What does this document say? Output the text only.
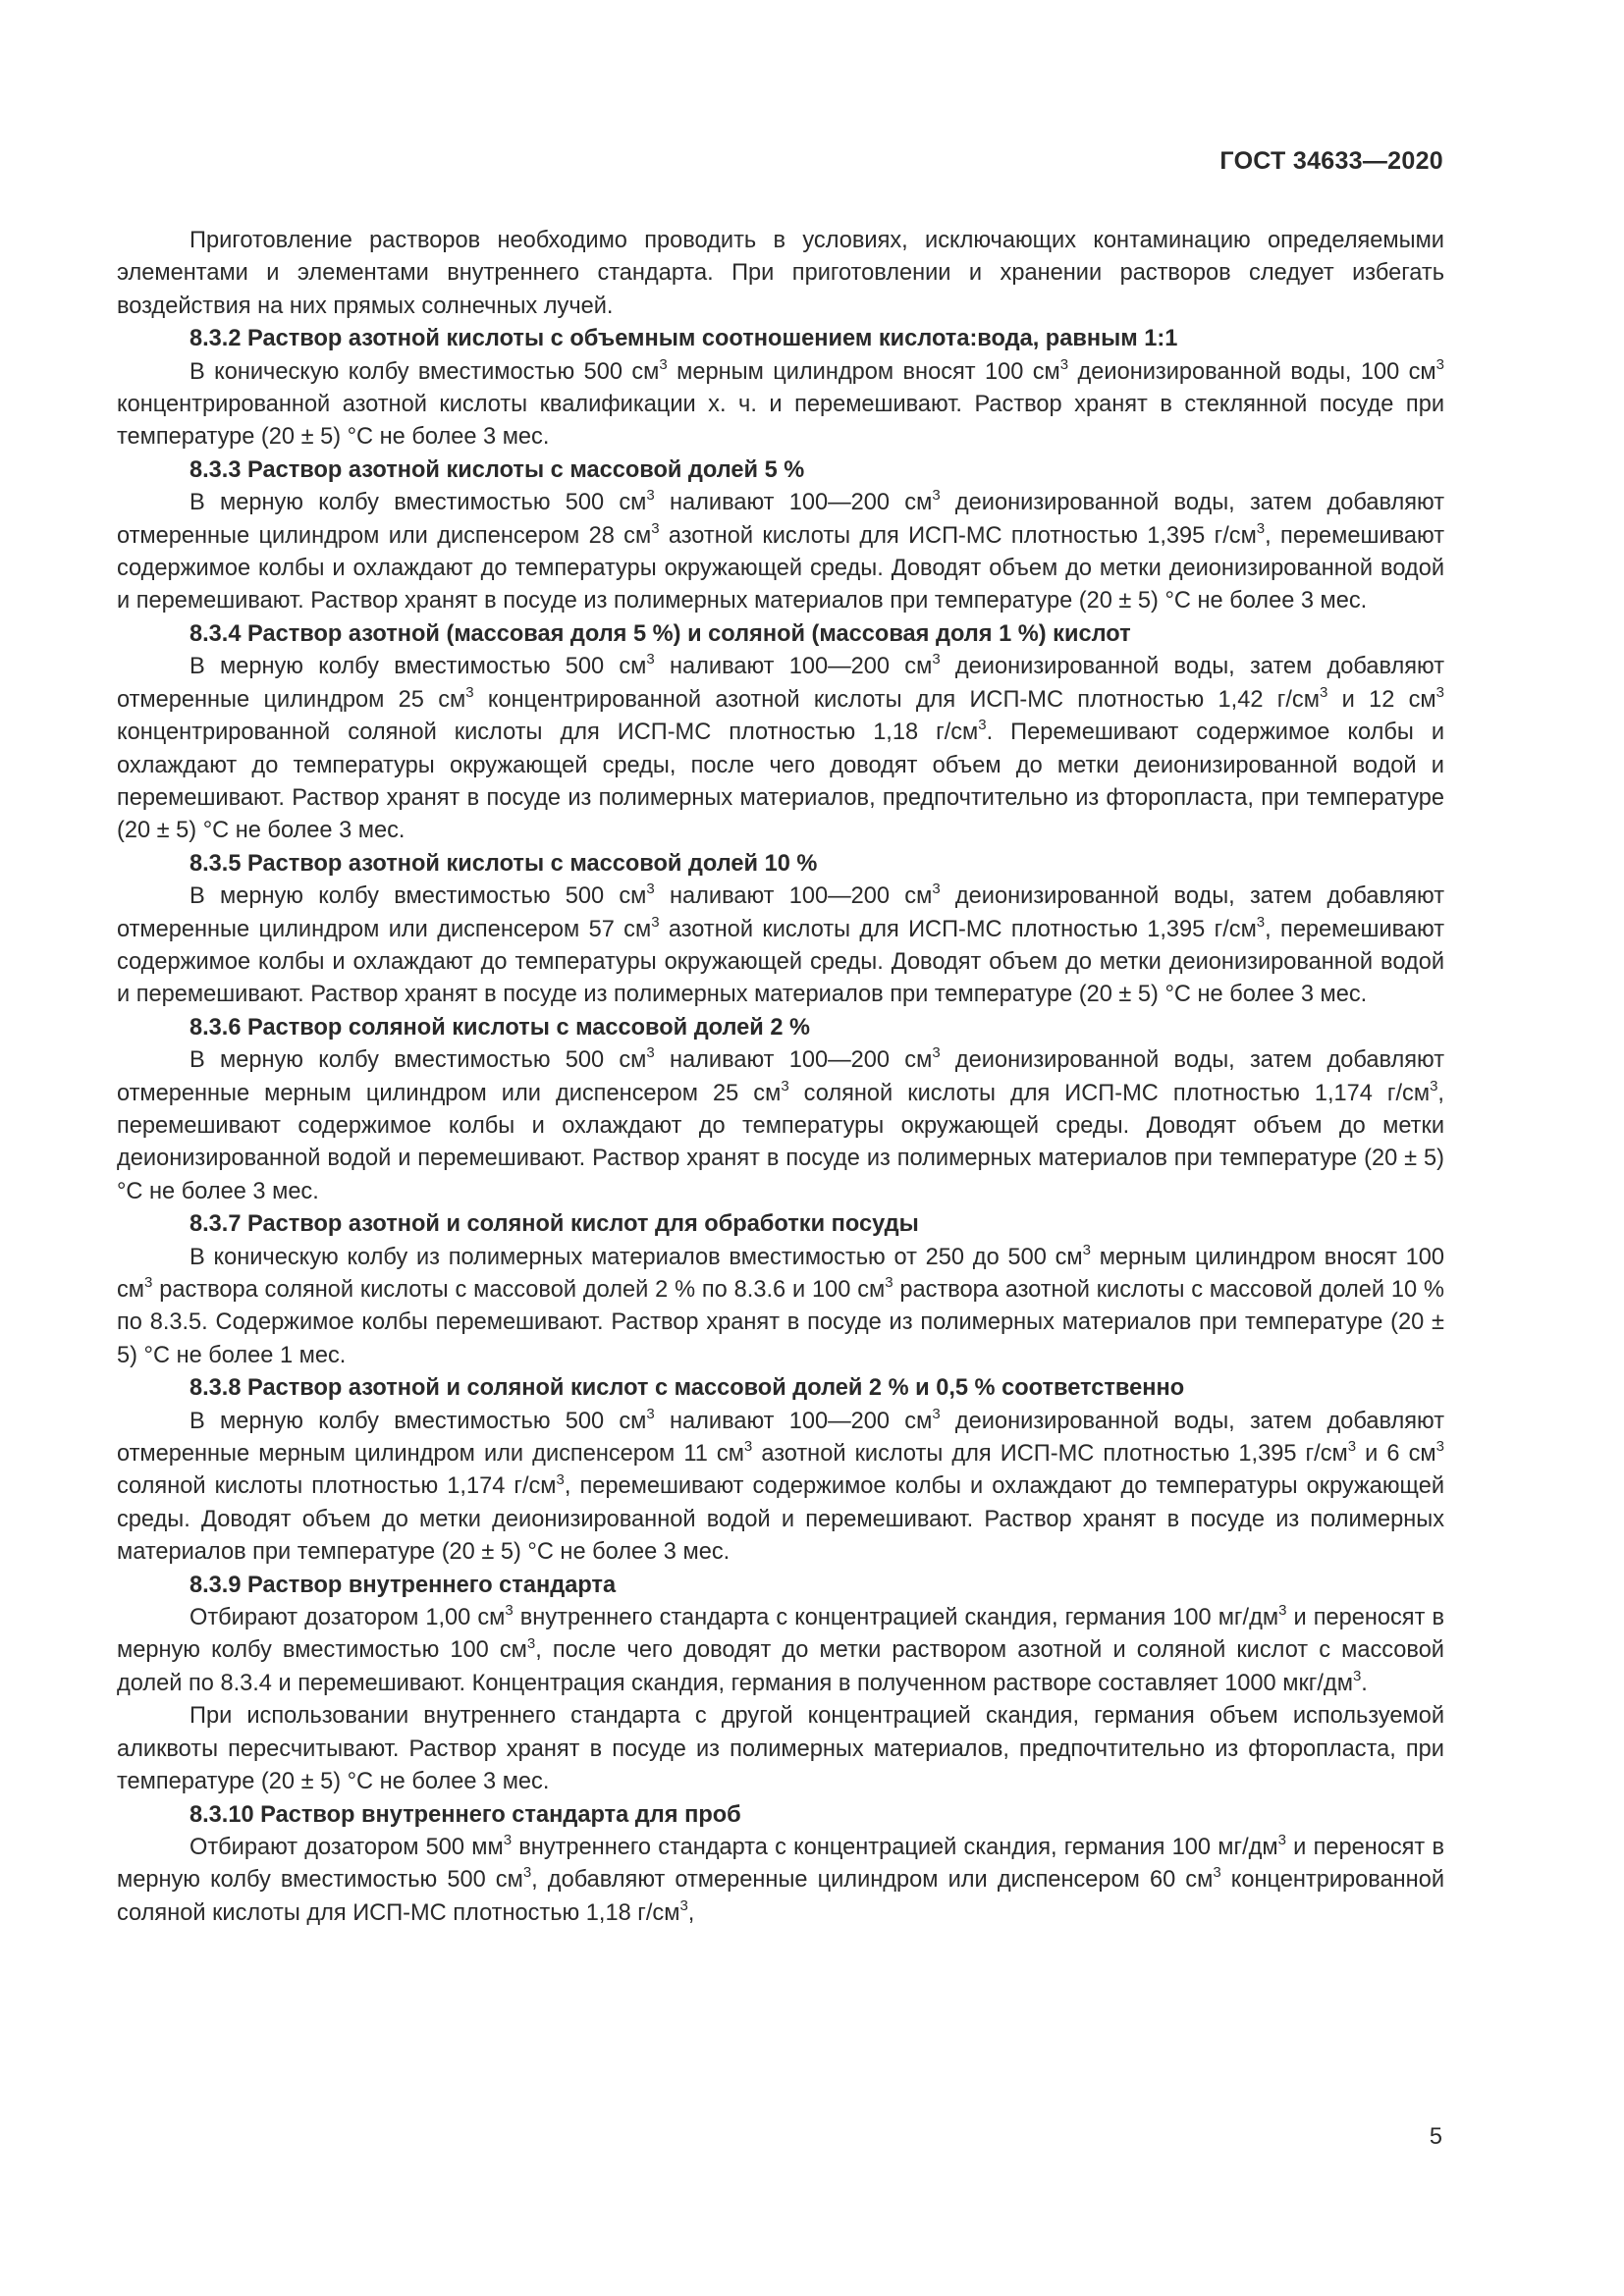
ГОСТ 34633—2020

Приготовление растворов необходимо проводить в условиях, исключающих контаминацию определяемыми элементами и элементами внутреннего стандарта. При приготовлении и хранении растворов следует избегать воздействия на них прямых солнечных лучей.

8.3.2 Раствор азотной кислоты с объемным соотношением кислота:вода, равным 1:1

В коническую колбу вместимостью 500 $см^3$ мерным цилиндром вносят 100 $см^3$ деионизированной воды, 100 $см^3$ концентрированной азотной кислоты квалификации х. ч. и перемешивают. Раствор хранят в стеклянной посуде при температуре (20 ± 5) °С не более 3 мес.

8.3.3 Раствор азотной кислоты с массовой долей 5 %

В мерную колбу вместимостью 500 $см^3$ наливают 100—200 $см^3$ деионизированной воды, затем добавляют отмеренные цилиндром или диспенсером 28 $см^3$ азотной кислоты для ИСП-МС плотностью 1,395 $г/см^3$, перемешивают содержимое колбы и охлаждают до температуры окружающей среды. Доводят объем до метки деионизированной водой и перемешивают. Раствор хранят в посуде из полимерных материалов при температуре (20 ± 5) °С не более 3 мес.

8.3.4 Раствор азотной (массовая доля 5 %) и соляной (массовая доля 1 %) кислот

В мерную колбу вместимостью 500 $см^3$ наливают 100—200 $см^3$ деионизированной воды, затем добавляют отмеренные цилиндром 25 $см^3$ концентрированной азотной кислоты для ИСП-МС плотностью 1,42 $г/см^3$ и 12 $см^3$ концентрированной соляной кислоты для ИСП-МС плотностью 1,18 $г/см^3$. Перемешивают содержимое колбы и охлаждают до температуры окружающей среды, после чего доводят объем до метки деионизированной водой и перемешивают. Раствор хранят в посуде из полимерных материалов, предпочтительно из фторопласта, при температуре (20 ± 5) °С не более 3 мес.

8.3.5 Раствор азотной кислоты с массовой долей 10 %

В мерную колбу вместимостью 500 $см^3$ наливают 100—200 $см^3$ деионизированной воды, затем добавляют отмеренные цилиндром или диспенсером 57 $см^3$ азотной кислоты для ИСП-МС плотностью 1,395 $г/см^3$, перемешивают содержимое колбы и охлаждают до температуры окружающей среды. Доводят объем до метки деионизированной водой и перемешивают. Раствор хранят в посуде из полимерных материалов при температуре (20 ± 5) °С не более 3 мес.

8.3.6 Раствор соляной кислоты с массовой долей 2 %

В мерную колбу вместимостью 500 $см^3$ наливают 100—200 $см^3$ деионизированной воды, затем добавляют отмеренные мерным цилиндром или диспенсером 25 $см^3$ соляной кислоты для ИСП-МС плотностью 1,174 $г/см^3$, перемешивают содержимое колбы и охлаждают до температуры окружающей среды. Доводят объем до метки деионизированной водой и перемешивают. Раствор хранят в посуде из полимерных материалов при температуре (20 ± 5) °С не более 3 мес.

8.3.7 Раствор азотной и соляной кислот для обработки посуды

В коническую колбу из полимерных материалов вместимостью от 250 до 500 $см^3$ мерным цилиндром вносят 100 $см^3$ раствора соляной кислоты с массовой долей 2 % по 8.3.6 и 100 $см^3$ раствора азотной кислоты с массовой долей 10 % по 8.3.5. Содержимое колбы перемешивают. Раствор хранят в посуде из полимерных материалов при температуре (20 ± 5) °С не более 1 мес.

8.3.8 Раствор азотной и соляной кислот с массовой долей 2 % и 0,5 % соответственно

В мерную колбу вместимостью 500 $см^3$ наливают 100—200 $см^3$ деионизированной воды, затем добавляют отмеренные мерным цилиндром или диспенсером 11 $см^3$ азотной кислоты для ИСП-МС плотностью 1,395 $г/см^3$ и 6 $см^3$ соляной кислоты плотностью 1,174 $г/см^3$, перемешивают содержимое колбы и охлаждают до температуры окружающей среды. Доводят объем до метки деионизированной водой и перемешивают. Раствор хранят в посуде из полимерных материалов при температуре (20 ± 5) °С не более 3 мес.

8.3.9 Раствор внутреннего стандарта

Отбирают дозатором 1,00 $см^3$ внутреннего стандарта с концентрацией скандия, германия 100 $мг/дм^3$ и переносят в мерную колбу вместимостью 100 $см^3$, после чего доводят до метки раствором азотной и соляной кислот с массовой долей по 8.3.4 и перемешивают. Концентрация скандия, германия в полученном растворе составляет 1000 мкг/$дм^3$.

При использовании внутреннего стандарта с другой концентрацией скандия, германия объем используемой аликвоты пересчитывают. Раствор хранят в посуде из полимерных материалов, предпочтительно из фторопласта, при температуре (20 ± 5) °С не более 3 мес.

8.3.10 Раствор внутреннего стандарта для проб

Отбирают дозатором 500 $мм^3$ внутреннего стандарта с концентрацией скандия, германия 100 $мг/дм^3$ и переносят в мерную колбу вместимостью 500 $см^3$, добавляют отмеренные цилиндром или диспенсером 60 $см^3$ концентрированной соляной кислоты для ИСП-МС плотностью 1,18 $г/см^3$,

5
